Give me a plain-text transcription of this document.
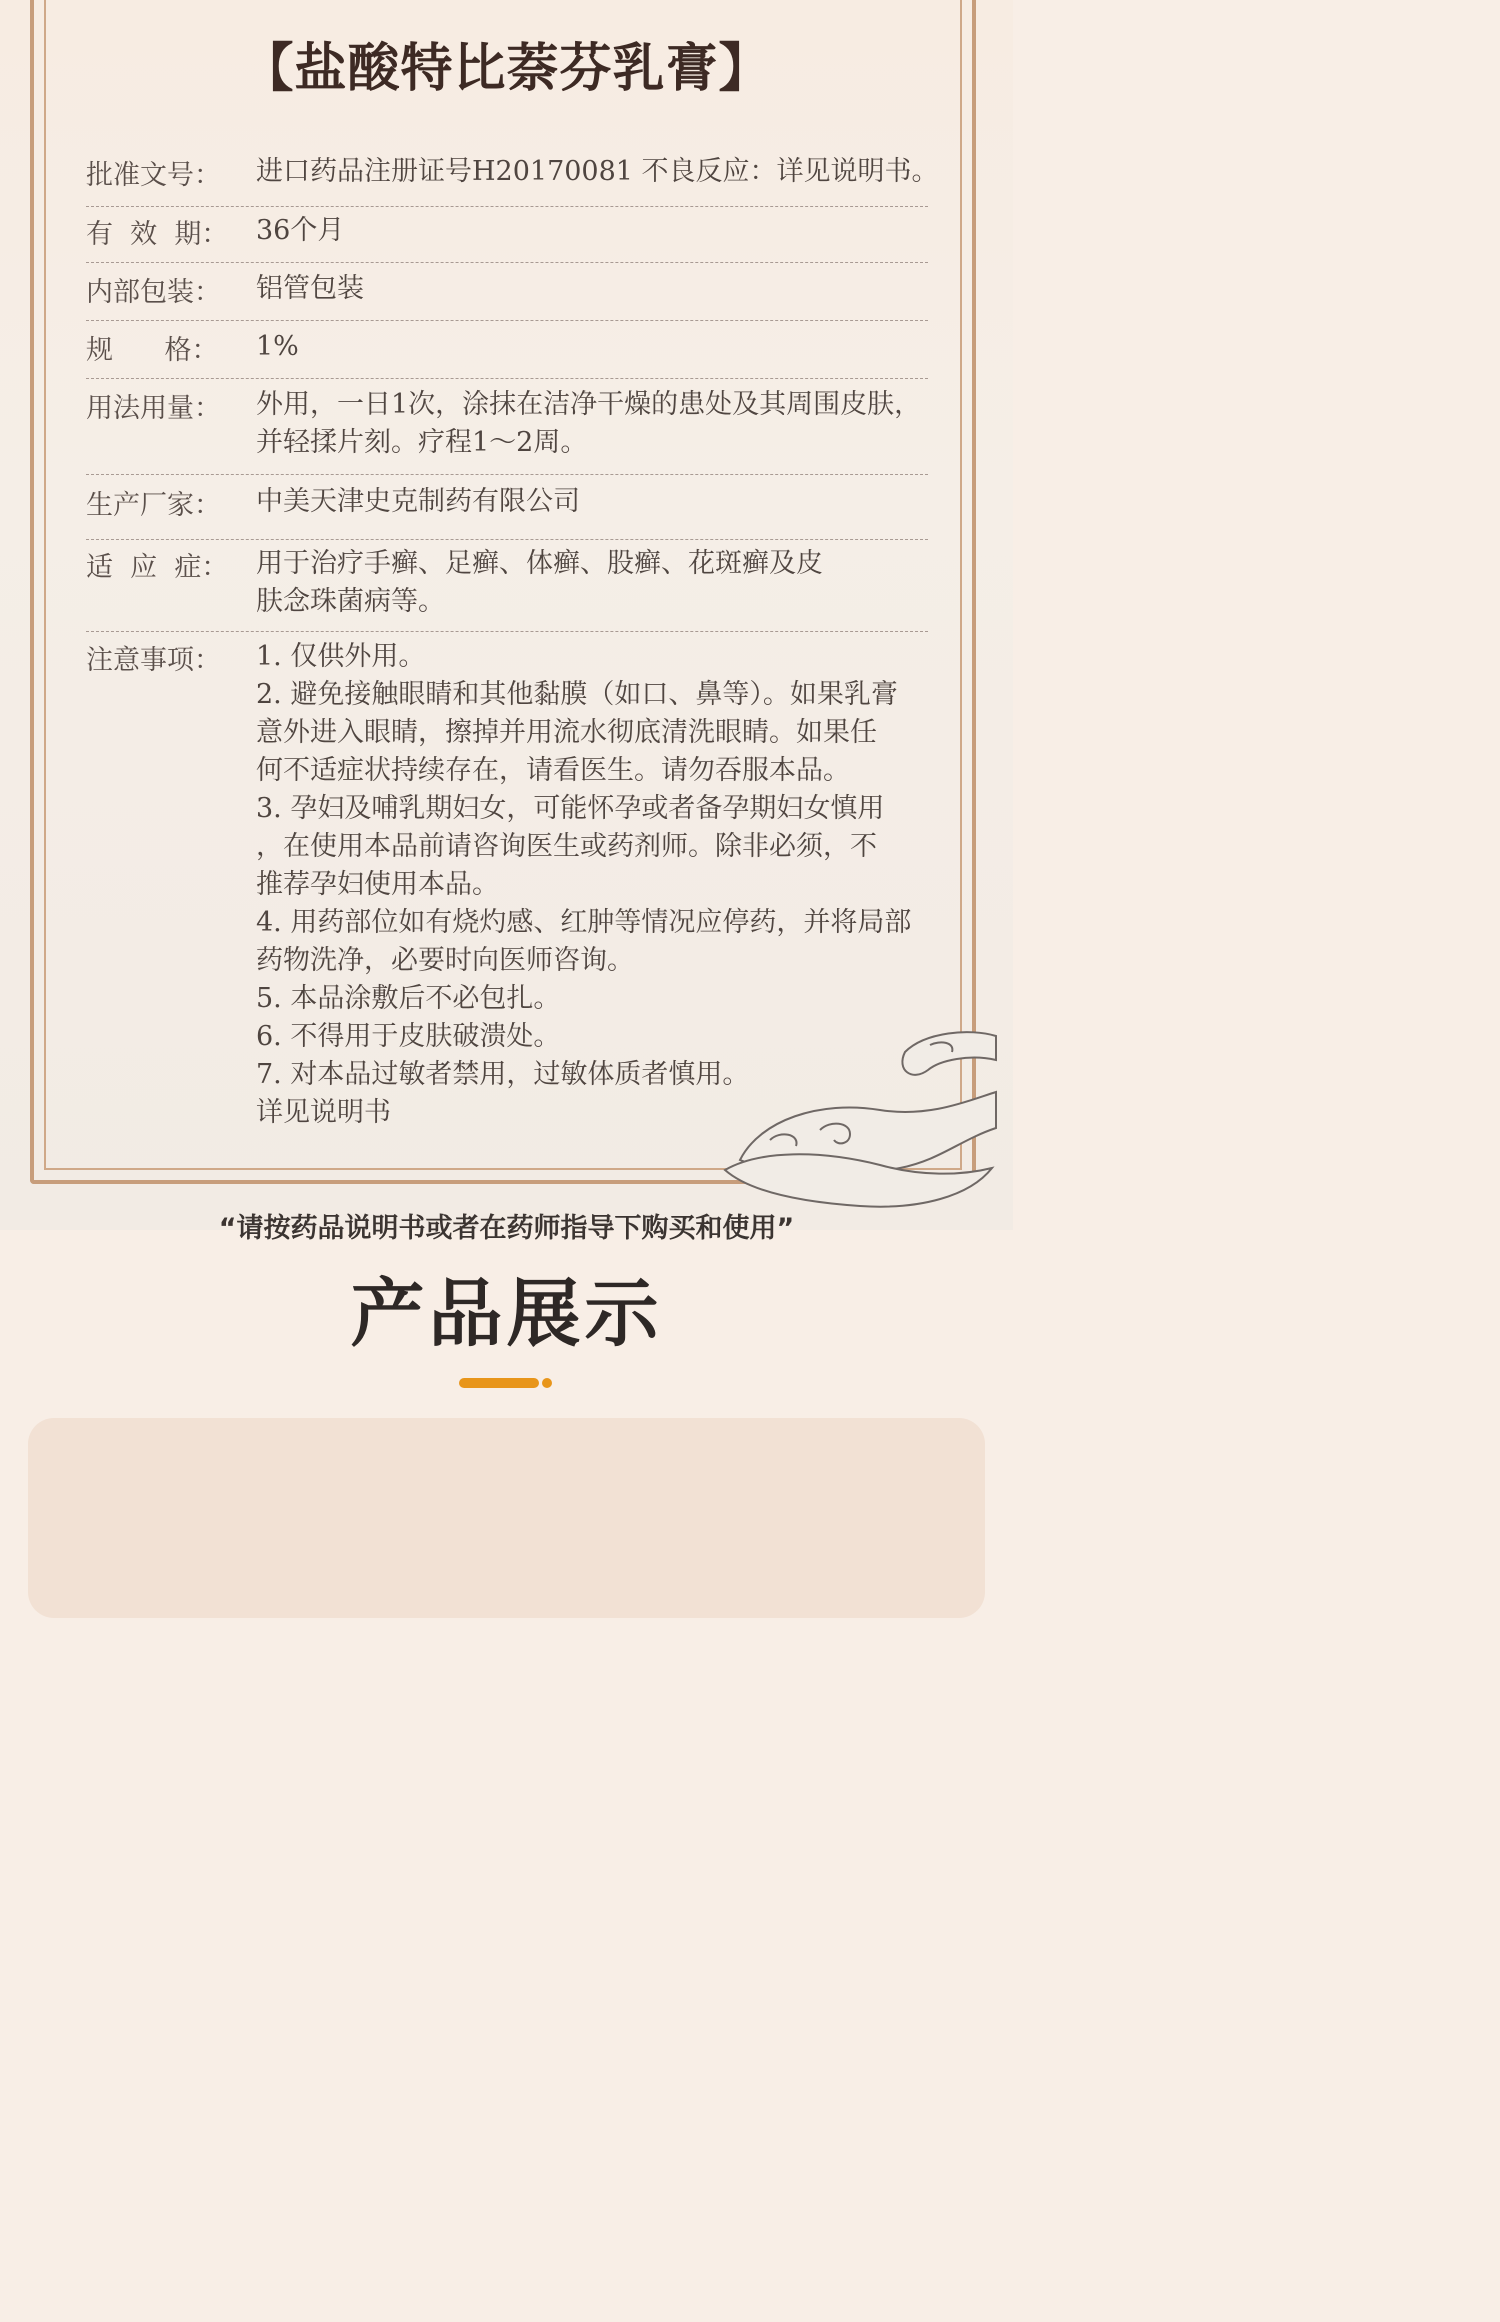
【盐酸特比萘芬乳膏】
批准文号：	进口药品注册证号H20170081 不良反应：详见说明书。
有  效  期：	36个月
内部包装：	铝管包装
规      格：	1%
用法用量：	外用，一日1次，涂抹在洁净干燥的患处及其周围皮肤，
并轻揉片刻。疗程1～2周。
生产厂家：	中美天津史克制药有限公司
适  应  症：	用于治疗手癣、足癣、体癣、股癣、花斑癣及皮
肤念珠菌病等。
注意事项：	1. 仅供外用。
2. 避免接触眼睛和其他黏膜（如口、鼻等）。如果乳膏
意外进入眼睛，擦掉并用流水彻底清洗眼睛。如果任
何不适症状持续存在，请看医生。请勿吞服本品。
3. 孕妇及哺乳期妇女，可能怀孕或者备孕期妇女慎用
，在使用本品前请咨询医生或药剂师。除非必须，不
推荐孕妇使用本品。
4. 用药部位如有烧灼感、红肿等情况应停药，并将局部
药物洗净，必要时向医师咨询。
5. 本品涂敷后不必包扎。
6. 不得用于皮肤破溃处。
7. 对本品过敏者禁用，过敏体质者慎用。
详见说明书
“请按药品说明书或者在药师指导下购买和使用”
产品展示
